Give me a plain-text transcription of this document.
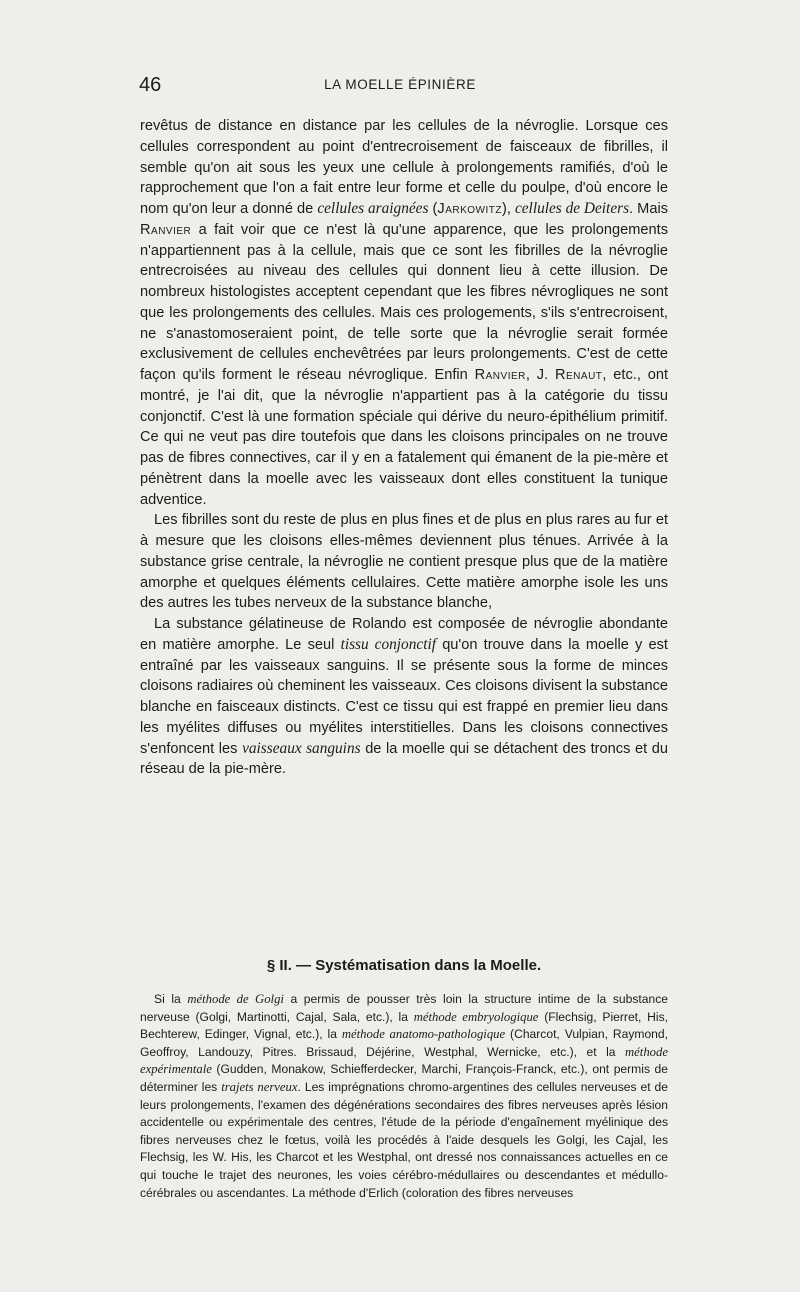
46	LA MOELLE ÉPINIÈRE

revêtus de distance en distance par les cellules de la névroglie. Lorsque ces cellules correspondent au point d'entrecroisement de faisceaux de fibrilles, il semble qu'on ait sous les yeux une cellule à prolongements ramifiés, d'où le rapprochement que l'on a fait entre leur forme et celle du poulpe, d'où encore le nom qu'on leur a donné de cellules araignées (Jarkowitz), cellules de Deiters. Mais Ranvier a fait voir que ce n'est là qu'une apparence, que les prolongements n'appartiennent pas à la cellule, mais que ce sont les fibrilles de la névroglie entrecroisées au niveau des cellules qui donnent lieu à cette illusion. De nombreux histologistes acceptent cependant que les fibres névrogliques ne sont que les prolongements des cellules. Mais ces prologements, s'ils s'entrecroisent, ne s'anastomoseraient point, de telle sorte que la névroglie serait formée exclusivement de cellules enchevêtrées par leurs prolongements. C'est de cette façon qu'ils forment le réseau névroglique. Enfin Ranvier, J. Renaut, etc., ont montré, je l'ai dit, que la névroglie n'appartient pas à la catégorie du tissu conjonctif. C'est là une formation spéciale qui dérive du neuro-épithélium primitif. Ce qui ne veut pas dire toutefois que dans les cloisons principales on ne trouve pas de fibres connectives, car il y en a fatalement qui émanent de la pie-mère et pénètrent dans la moelle avec les vaisseaux dont elles constituent la tunique adventice.

Les fibrilles sont du reste de plus en plus fines et de plus en plus rares au fur et à mesure que les cloisons elles-mêmes deviennent plus ténues. Arrivée à la substance grise centrale, la névroglie ne contient presque plus que de la matière amorphe et quelques éléments cellulaires. Cette matière amorphe isole les uns des autres les tubes nerveux de la substance blanche,

La substance gélatineuse de Rolando est composée de névroglie abondante en matière amorphe. Le seul tissu conjonctif qu'on trouve dans la moelle y est entraîné par les vaisseaux sanguins. Il se présente sous la forme de minces cloisons radiaires où cheminent les vaisseaux. Ces cloisons divisent la substance blanche en faisceaux distincts. C'est ce tissu qui est frappé en premier lieu dans les myélites diffuses ou myélites interstitielles. Dans les cloisons connectives s'enfoncent les vaisseaux sanguins de la moelle qui se détachent des troncs et du réseau de la pie-mère.

§ II. — Systématisation dans la Moelle.

Si la méthode de Golgi a permis de pousser très loin la structure intime de la substance nerveuse (Golgi, Martinotti, Cajal, Sala, etc.), la méthode embryologique (Flechsig, Pierret, His, Bechterew, Edinger, Vignal, etc.), la méthode anatomo-pathologique (Charcot, Vulpian, Raymond, Geoffroy, Landouzy, Pitres. Brissaud, Déjérine, Westphal, Wernicke, etc.), et la méthode expérimentale (Gudden, Monakow, Schiefferdecker, Marchi, François-Franck, etc.), ont permis de déterminer les trajets nerveux. Les imprégnations chromo-argentines des cellules nerveuses et de leurs prolongements, l'examen des dégénérations secondaires des fibres nerveuses après lésion accidentelle ou expérimentale des centres, l'étude de la période d'engaînement myélinique des fibres nerveuses chez le fœtus, voilà les procédés à l'aide desquels les Golgi, les Cajal, les Flechsig, les W. His, les Charcot et les Westphal, ont dressé nos connaissances actuelles en ce qui touche le trajet des neurones, les voies cérébro-médullaires ou descendantes et médullo-cérébrales ou ascendantes. La méthode d'Erlich (coloration des fibres nerveuses
